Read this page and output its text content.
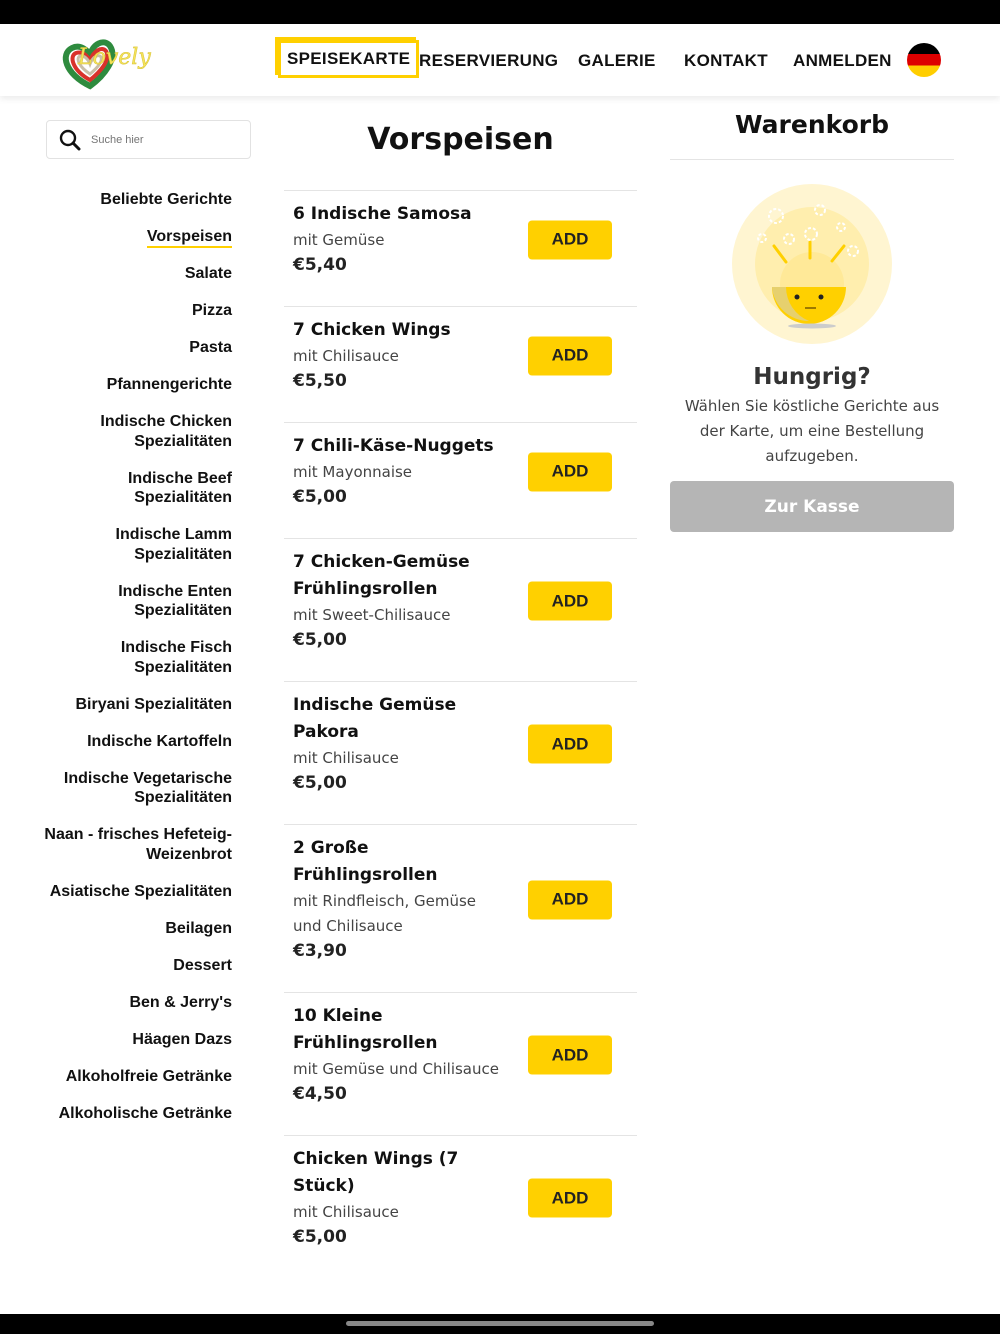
Lovely	SPEISEKARTE RESERVIERUNG GALERIE KONTAKT ANMELDEN
Suche hier
Beliebte Gerichte
Vorspeisen
Salate
Pizza
Pasta
Pfannengerichte
Indische Chicken Spezialitäten
Indische Beef Spezialitäten
Indische Lamm Spezialitäten
Indische Enten Spezialitäten
Indische Fisch Spezialitäten
Biryani Spezialitäten
Indische Kartoffeln
Indische Vegetarische Spezialitäten
Naan - frisches Hefeteig-Weizenbrot
Asiatische Spezialitäten
Beilagen
Dessert
Ben & Jerry's
Häagen Dazs
Alkoholfreie Getränke
Alkoholische Getränke
Vorspeisen
6 Indische Samosa
mit Gemüse
€5,40
ADD
7 Chicken Wings
mit Chilisauce
€5,50
ADD
7 Chili-Käse-Nuggets
mit Mayonnaise
€5,00
ADD
7 Chicken-Gemüse Frühlingsrollen
mit Sweet-Chilisauce
€5,00
ADD
Indische Gemüse Pakora
mit Chilisauce
€5,00
ADD
2 Große Frühlingsrollen
mit Rindfleisch, Gemüse und Chilisauce
€3,90
ADD
10 Kleine Frühlingsrollen
mit Gemüse und Chilisauce
€4,50
ADD
Chicken Wings (7 Stück)
mit Chilisauce
€5,00
ADD
Warenkorb
Hungrig?

Wählen Sie köstliche Gerichte aus der Karte, um eine Bestellung aufzugeben.

Zur Kasse
